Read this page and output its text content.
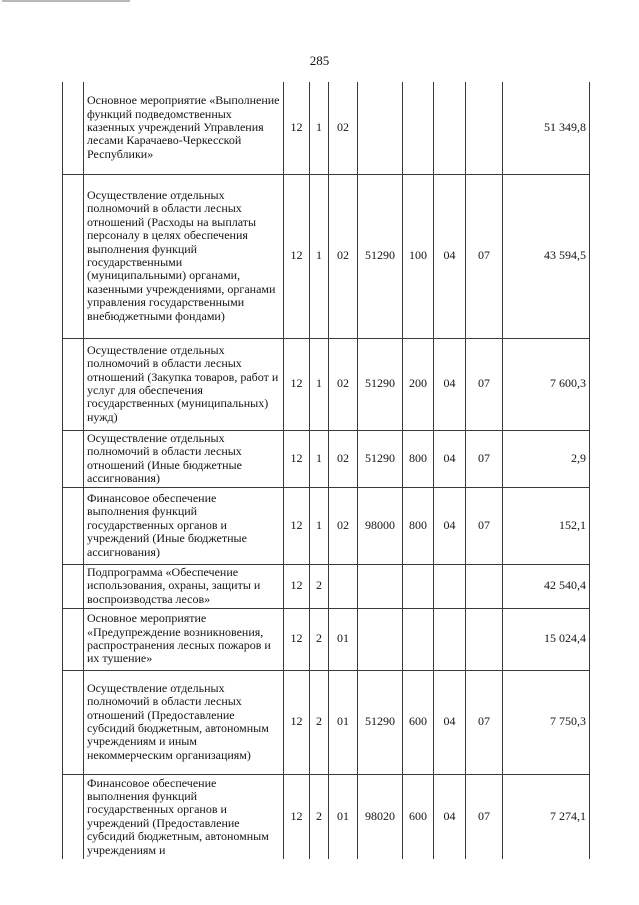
285
	Основное мероприятие «Выполнение функций подведомственных казенных учреждений Управления лесами Карачаево-Черкесской Республики»	12	1	02					51 349,8
	Осуществление отдельных полномочий в области лесных отношений (Расходы на выплаты персоналу в целях обеспечения выполнения функций государственными (муниципальными) органами, казенными учреждениями, органами управления государственными внебюджетными фондами)	12	1	02	51290	100	04	07	43 594,5
	Осуществление отдельных полномочий в области лесных отношений (Закупка товаров, работ и услуг для обеспечения государственных (муниципальных) нужд)	12	1	02	51290	200	04	07	7 600,3
	Осуществление отдельных полномочий в области лесных отношений (Иные бюджетные ассигнования)	12	1	02	51290	800	04	07	2,9
	Финансовое обеспечение выполнения функций государственных органов и учреждений (Иные бюджетные ассигнования)	12	1	02	98000	800	04	07	152,1
	Подпрограмма «Обеспечение использования, охраны, защиты и воспроизводства лесов»	12	2						42 540,4
	Основное мероприятие «Предупреждение возникновения, распространения лесных пожаров и их тушение»	12	2	01					15 024,4
	Осуществление отдельных полномочий в области лесных отношений (Предоставление субсидий бюджетным, автономным учреждениям и иным некоммерческим организациям)	12	2	01	51290	600	04	07	7 750,3
	Финансовое обеспечение выполнения функций государственных органов и учреждений (Предоставление субсидий бюджетным, автономным учреждениям и	12	2	01	98020	600	04	07	7 274,1
